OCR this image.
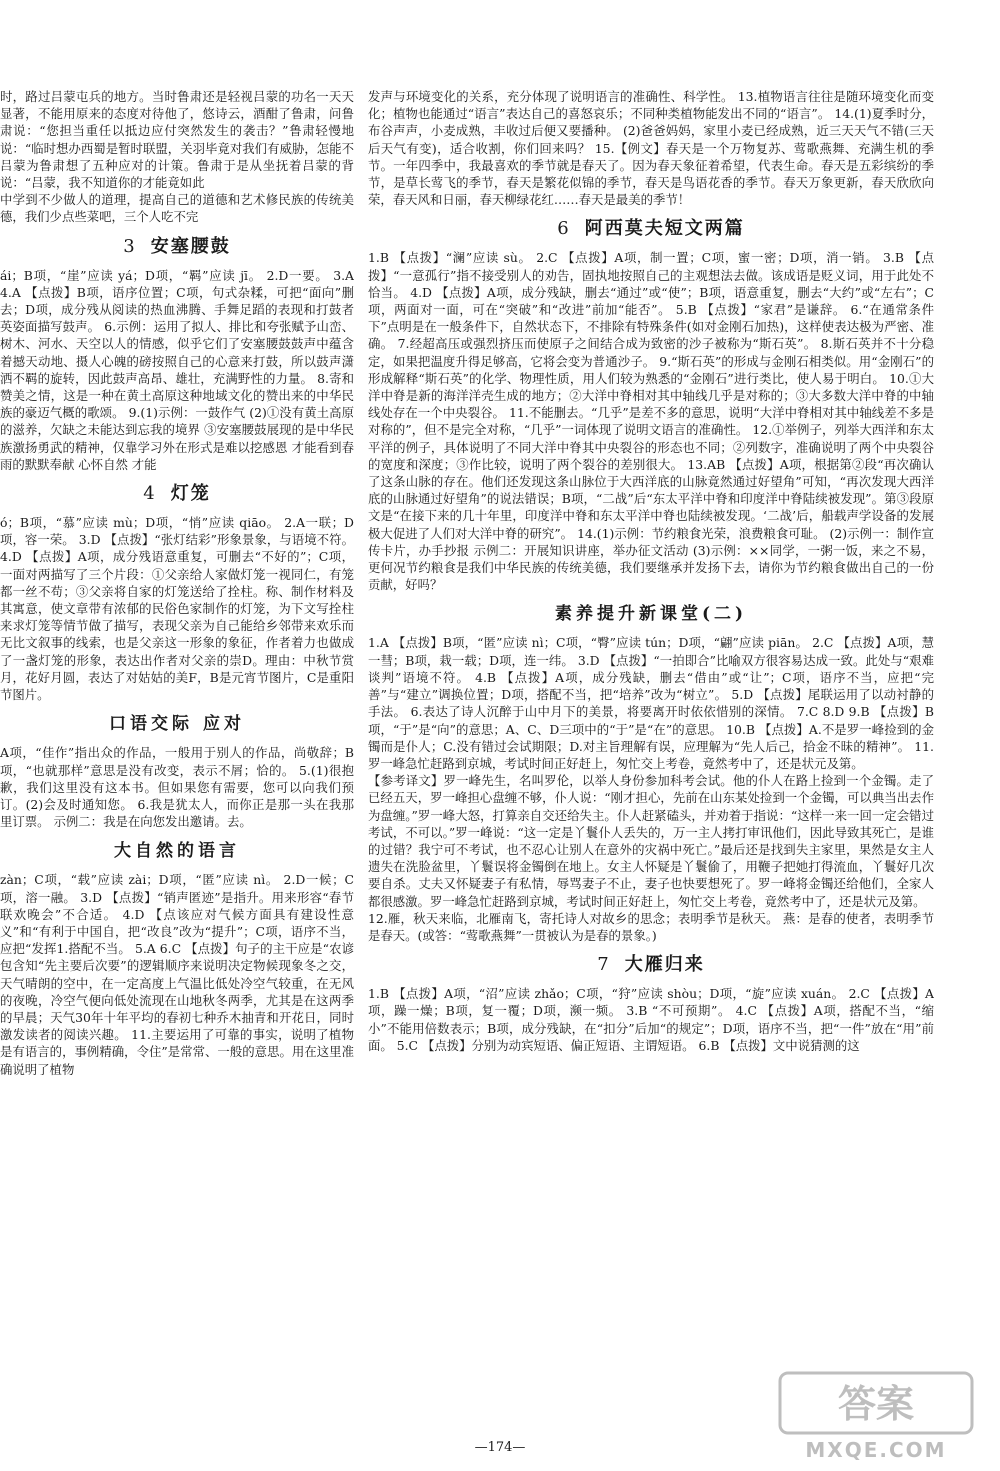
时，路过吕蒙屯兵的地方。当时鲁肃还是轻视吕蒙的功名一天天显著，不能用原来的态度对待他了，悠诗云，酒酣了鲁肃，问鲁肃说：“您担当重任以抵边应付突然发生的袭击？”鲁肃轻慢地说：“临时想办西蜀是暂时联盟，关羽毕竟对我们有威胁，怎能不吕蒙为鲁肃想了五种应对的计策。鲁肃于是从坐抚着吕蒙的背说：“吕蒙，我不知道你的才能竟如此

中学到不少做人的道理，提高自己的道德和艺术修民族的传统美德，我们少点些菜吧，三个人吃不完

3 安塞腰鼓

ái；B项，“崖”应读 yá；D项，“羁”应读 jī。 2.D一要。 3.A 4.A 【点拨】B项，语序位置；C项，句式杂糅，可把“面向”删去；D项，成分残从阅读的热血沸腾、手舞足蹈的表现和打鼓者英姿面描写鼓声。 6.示例：运用了拟人、排比和夸张赋予山峦、树木、河水、天空以人的情感，似乎它们了安塞腰鼓鼓声中蕴含着撼天动地、摄人心魄的磅按照自己的心意来打鼓，所以鼓声潇洒不羁的旋转，因此鼓声高昂、雄壮，充满野性的力量。 8.寄和赞美之情，这是一种在黄土高原这种地域文化的赞出来的中华民族的豪迈气概的歌颂。 9.(1)示例：一鼓作气 (2)①没有黄土高原的滋养，欠缺之未能达到忘我的境界 ③安塞腰鼓展现的是中华民族激扬勇武的精神，仅靠学习外在形式是难以挖感恩 才能看到春雨的默默奉献 心怀自然 才能

4 灯笼

ó；B项，“慕”应读 mù；D项，“悄”应读 qiāo。 2.A一联；D项，容一荣。 3.D 【点拨】“张灯结彩”形象景象，与语境不符。 4.D 【点拨】A项，成分残语意重复，可删去“不好的”；C项，一面对两描写了三个片段：①父亲给人家做灯笼一视同仁，有笼都一丝不苟；③父亲将自家的灯笼送给了拴柱。称、制作材料及其寓意，使文章带有浓郁的民俗色家制作的灯笼，为下文写拴柱来求灯笼等情节做了描写，表现父亲为自己能给乡邻带来欢乐而无比文叙事的线索，也是父亲这一形象的象征，作者着力也做成了一盏灯笼的形象，表达出作者对父亲的崇D。理由：中秋节赏月，花好月圆，表达了对姑姑的美F，B是元宵节图片，C是重阳节图片。

口语交际 应对

A项，“佳作”指出众的作品，一般用于别人的作品，尚敬辞；B项，“也就那样”意思是没有改变，表示不屑；恰的。 5.(1)很抱歉，我们这里没有这本书。但如果您有需要，您可以向我们预订。(2)会及时通知您。 6.我是犹太人，而你正是那一头在我那里订票。 示例二：我是在向您发出邀请。去。

大自然的语言

zàn；C项，“载”应读 zài；D项，“匿”应读 nì。 2.D一候；C项，溶一融。 3.D 【点拨】“销声匿迹”是指升。用来形容“春节联欢晚会”不合适。 4.D 【点该应对气候方面具有建设性意义”和“有利于中国自，把“改良”改为“提升”；C项，语序不当，应把“发挥1.搭配不当。 5.A 6.C 【点拨】句子的主干应是“农谚包含知“先主要后次要”的逻辑顺序来说明决定物候现象冬之交，天气晴朗的空中，在一定高度上气温比低处冷空气较重，在无风的夜晚，冷空气便向低处流现在山地秋冬两季，尤其是在这两季的早晨；天气30年十年平均的春初七种乔木抽青和开花日，同时激发读者的阅读兴趣。 11.主要运用了可靠的事实，说明了植物是有语言的，事例精确，令住”是常常、一般的意思。用在这里准确说明了植物

发声与环境变化的关系，充分体现了说明语言的准确性、科学性。 13.植物语言往往是随环境变化而变化；植物也能通过“语言”表达自己的喜怒哀乐；不同种类植物能发出不同的“语言”。 14.(1)夏季时分，布谷声声，小麦成熟，丰收过后便又要播种。 (2)爸爸妈妈，家里小麦已经成熟，近三天天气不错(三天后天气有变)，适合收割，你们回来吗？ 15.【例文】春天是一个万物复苏、莺歌燕舞、充满生机的季节。一年四季中，我最喜欢的季节就是春天了。因为春天象征着希望，代表生命。春天是五彩缤纷的季节，是草长莺飞的季节，春天是繁花似锦的季节，春天是鸟语花香的季节。春天万象更新，春天欣欣向荣，春天风和日丽，春天柳绿花红……春天是最美的季节！

6 阿西莫夫短文两篇

1.B 【点拨】“澜”应读 sù。 2.C 【点拨】A项，制一置；C项，蜜一密；D项，消一销。 3.B 【点拨】“一意孤行”指不接受别人的劝告，固执地按照自己的主观想法去做。该成语是贬义词，用于此处不恰当。 4.D 【点拨】A项，成分残缺，删去“通过”或“使”；B项，语意重复，删去“大约”或“左右”；C项，两面对一面，可在“突破”和“改进”前加“能否”。 5.B 【点拨】“家君”是谦辞。 6.“在通常条件下”点明是在一般条件下，自然状态下，不排除有特殊条件(如对金刚石加热)，这样使表达极为严密、准确。 7.经超高压或强烈挤压而使原子之间结合成为致密的沙子被称为“斯石英”。 8.斯石英并不十分稳定，如果把温度升得足够高，它将会变为普通沙子。 9.“斯石英”的形成与金刚石相类似。用“金刚石”的形成解释“斯石英”的化学、物理性质，用人们较为熟悉的“金刚石”进行类比，使人易于明白。 10.①大洋中脊是新的海洋洋壳生成的地方；②大洋中脊相对其中轴线几乎是对称的；③大多数大洋中脊的中轴线处存在一个中央裂谷。 11.不能删去。“几乎”是差不多的意思，说明“大洋中脊相对其中轴线差不多是对称的”，但不是完全对称，“几乎”一词体现了说明文语言的准确性。 12.①举例子，列举大西洋和东太平洋的例子，具体说明了不同大洋中脊其中央裂谷的形态也不同；②列数字，准确说明了两个中央裂谷的宽度和深度；③作比较，说明了两个裂谷的差别很大。 13.AB 【点拨】A项，根据第②段“再次确认了这条山脉的存在。他们还发现这条山脉位于大西洋底的山脉竟然通过好望角”可知，“再次发现大西洋底的山脉通过好望角”的说法错误；B项，“二战”后“东太平洋中脊和印度洋中脊陆续被发现”。第③段原文是“在接下来的几十年里，印度洋中脊和东太平洋中脊也陆续被发现。‘二战’后，船载声学设备的发展极大促进了人们对大洋中脊的研究”。 14.(1)示例：节约粮食光荣，浪费粮食可耻。 (2)示例一：制作宣传卡片，办手抄报 示例二：开展知识讲座，举办征文活动 (3)示例：××同学，一粥一饭，来之不易，更何况节约粮食是我们中华民族的传统美德，我们要继承并发扬下去，请你为节约粮食做出自己的一份贡献，好吗？

素养提升新课堂(二)

1.A 【点拨】B项，“匿”应读 nì；C项，“臀”应读 tún；D项，“翩”应读 piān。 2.C 【点拨】A项，慧一彗；B项，栽一载；D项，连一纬。 3.D 【点拨】“一拍即合”比喻双方很容易达成一致。此处与“艰难谈判”语境不符。 4.B 【点拨】A项，成分残缺，删去“借由”或“让”；C项，语序不当，应把“完善”与“建立”调换位置；D项，搭配不当，把“培养”改为“树立”。 5.D 【点拨】尾联运用了以动衬静的手法。 6.表达了诗人沉醉于山中月下的美景，将要离开时依依惜别的深情。 7.C 8.D 9.B 【点拨】B项，“于”是“向”的意思；A、C、D三项中的“于”是“在”的意思。 10.B 【点拨】A.不是罗一峰捡到的金镯而是仆人；C.没有错过会试期限；D.对主旨理解有误，应理解为“先人后己，拾金不昧的精神”。 11.罗一峰急忙赶路到京城，考试时间正好赶上，匆忙交上考卷，竟然考中了，还是状元及第。

【参考译文】罗一峰先生，名叫罗伦，以举人身份参加科考会试。他的仆人在路上捡到一个金镯。走了已经五天，罗一峰担心盘缠不够，仆人说：“刚才担心，先前在山东某处捡到一个金镯，可以典当出去作为盘缠。”罗一峰大怒，打算亲自交还给失主。仆人赶紧磕头，并劝着于指说：“这样一来一回一定会错过考试，不可以。”罗一峰说：“这一定是丫鬟仆人丢失的，万一主人拷打审讯他们，因此导致其死亡，是谁的过错？我宁可不考试，也不忍心让别人在意外的灾祸中死亡。”最后还是找到失主家里，果然是女主人遗失在洗脸盆里，丫鬟误将金镯倒在地上。女主人怀疑是丫鬟偷了，用鞭子把她打得流血，丫鬟好几次要自杀。丈夫又怀疑妻子有私情，辱骂妻子不止，妻子也快要想死了。罗一峰将金镯还给他们，全家人都很感激。罗一峰急忙赶路到京城，考试时间正好赶上，匆忙交上考卷，竟然考中了，还是状元及第。

12.雁，秋天来临，北雁南飞，寄托诗人对故乡的思念；表明季节是秋天。 燕：是春的使者，表明季节是春天。(或答：“莺歌燕舞”一贯被认为是春的景象。)

7 大雁归来

1.B 【点拨】A项，“沼”应读 zhǎo；C项，“狩”应读 shòu；D项，“旋”应读 xuán。 2.C 【点拨】A项，躁一燥；B项，复一覆；D项，濒一频。 3.B “不可预期”。 4.C 【点拨】A项，搭配不当，“缩小”不能用倍数表示；B项，成分残缺，在“扣分”后加“的规定”；D项，语序不当，把“一件”放在“用”前面。 5.C 【点拨】分别为动宾短语、偏正短语、主谓短语。 6.B 【点拨】文中说猜测的这

—174—
答案
MXQE.COM
